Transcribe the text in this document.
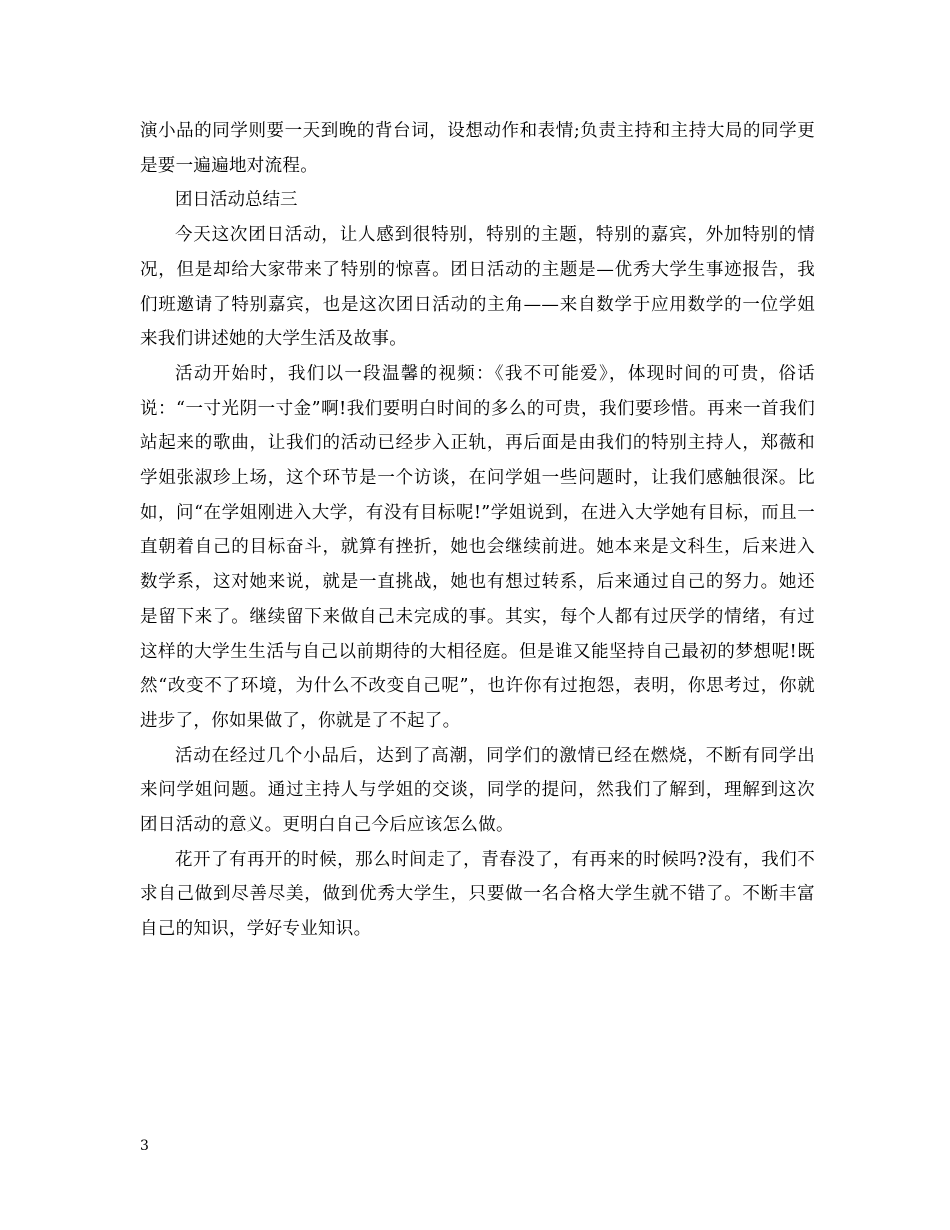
演小品的同学则要一天到晚的背台词，设想动作和表情;负责主持和主持大局的同学更是要一遍遍地对流程。

团日活动总结三

今天这次团日活动，让人感到很特别，特别的主题，特别的嘉宾，外加特别的情况，但是却给大家带来了特别的惊喜。团日活动的主题是—优秀大学生事迹报告，我们班邀请了特别嘉宾，也是这次团日活动的主角——来自数学于应用数学的一位学姐来我们讲述她的大学生活及故事。

活动开始时，我们以一段温馨的视频：《我不可能爱》，体现时间的可贵，俗话说：“一寸光阴一寸金”啊!我们要明白时间的多么的可贵，我们要珍惜。再来一首我们站起来的歌曲，让我们的活动已经步入正轨，再后面是由我们的特别主持人，郑薇和学姐张淑珍上场，这个环节是一个访谈，在问学姐一些问题时，让我们感触很深。比如，问“在学姐刚进入大学，有没有目标呢!”学姐说到，在进入大学她有目标，而且一直朝着自己的目标奋斗，就算有挫折，她也会继续前进。她本来是文科生，后来进入数学系，这对她来说，就是一直挑战，她也有想过转系，后来通过自己的努力。她还是留下来了。继续留下来做自己未完成的事。其实，每个人都有过厌学的情绪，有过这样的大学生生活与自己以前期待的大相径庭。但是谁又能坚持自己最初的梦想呢!既然“改变不了环境，为什么不改变自己呢”，也许你有过抱怨，表明，你思考过，你就进步了，你如果做了，你就是了不起了。

活动在经过几个小品后，达到了高潮，同学们的激情已经在燃烧，不断有同学出来问学姐问题。通过主持人与学姐的交谈，同学的提问，然我们了解到，理解到这次团日活动的意义。更明白自己今后应该怎么做。

花开了有再开的时候，那么时间走了，青春没了，有再来的时候吗?没有，我们不求自己做到尽善尽美，做到优秀大学生，只要做一名合格大学生就不错了。不断丰富自己的知识，学好专业知识。

3
